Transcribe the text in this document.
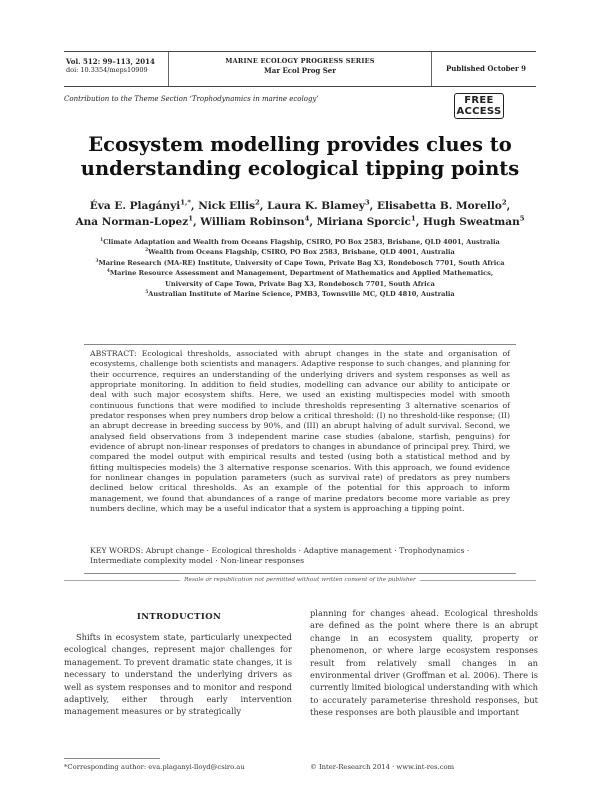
Vol. 512: 99–113, 2014
doi: 10.3354/meps10909
MARINE ECOLOGY PROGRESS SERIES
Mar Ecol Prog Ser	Published October 9
Contribution to the Theme Section ‘Trophodynamics in marine ecology’	FREE
ACCESS
Ecosystem modelling provides clues to
understanding ecological tipping points
Éva E. Plagányi$^{1,*}$, Nick Ellis$^2$, Laura K. Blamey$^3$, Elisabetta B. Morello$^2$,
Ana Norman-Lopez$^1$, William Robinson$^4$, Miriana Sporcic$^1$, Hugh Sweatman$^5$
$^1$Climate Adaptation and Wealth from Oceans Flagship, CSIRO, PO Box 2583, Brisbane, QLD 4001, Australia
$^2$Wealth from Oceans Flagship, CSIRO, PO Box 2583, Brisbane, QLD 4001, Australia
$^3$Marine Research (MA-RE) Institute, University of Cape Town, Private Bag X3, Rondebosch 7701, South Africa
$^4$Marine Resource Assessment and Management, Department of Mathematics and Applied Mathematics,
University of Cape Town, Private Bag X3, Rondebosch 7701, South Africa
$^5$Australian Institute of Marine Science, PMB3, Townsville MC, QLD 4810, Australia
ABSTRACT: Ecological thresholds, associated with abrupt changes in the state and organisation of ecosystems, challenge both scientists and managers. Adaptive response to such changes, and planning for their occurrence, requires an understanding of the underlying drivers and system responses as well as appropriate monitoring. In addition to field studies, modelling can advance our ability to anticipate or deal with such major ecosystem shifts. Here, we used an existing multispecies model with smooth continuous functions that were modified to include thresholds representing 3 alternative scenarios of predator responses when prey numbers drop below a critical threshold: (I) no threshold-like response; (II) an abrupt decrease in breeding success by 90%, and (III) an abrupt halving of adult survival. Second, we analysed field observations from 3 independent marine case studies (abalone, starfish, penguins) for evidence of abrupt non-linear responses of predators to changes in abundance of principal prey. Third, we compared the model output with empirical results and tested (using both a statistical method and by fitting multispecies models) the 3 alternative response scenarios. With this approach, we found evidence for nonlinear changes in population parameters (such as survival rate) of predators as prey numbers declined below critical thresholds. As an example of the potential for this approach to inform management, we found that abundances of a range of marine predators become more variable as prey numbers decline, which may be a useful indicator that a system is approaching a tipping point.
KEY WORDS: Abrupt change · Ecological thresholds · Adaptive management · Trophodynamics · Intermediate complexity model · Non-linear responses
Resale or republication not permitted without written consent of the publisher
INTRODUCTION
Shifts in ecosystem state, particularly unexpected ecological changes, represent major challenges for management. To prevent dramatic state changes, it is necessary to understand the underlying drivers as well as system responses and to monitor and respond adaptively, either through early intervention management measures or by strategically
planning for changes ahead. Ecological thresholds are defined as the point where there is an abrupt change in an ecosystem quality, property or phenomenon, or where large ecosystem responses result from relatively small changes in an environmental driver (Groffman et al. 2006). There is currently limited biological understanding with which to accurately parameterise threshold responses, but these responses are both plausible and important
*Corresponding author: eva.plaganyi-lloyd@csiro.au	© Inter-Research 2014 · www.int-res.com
